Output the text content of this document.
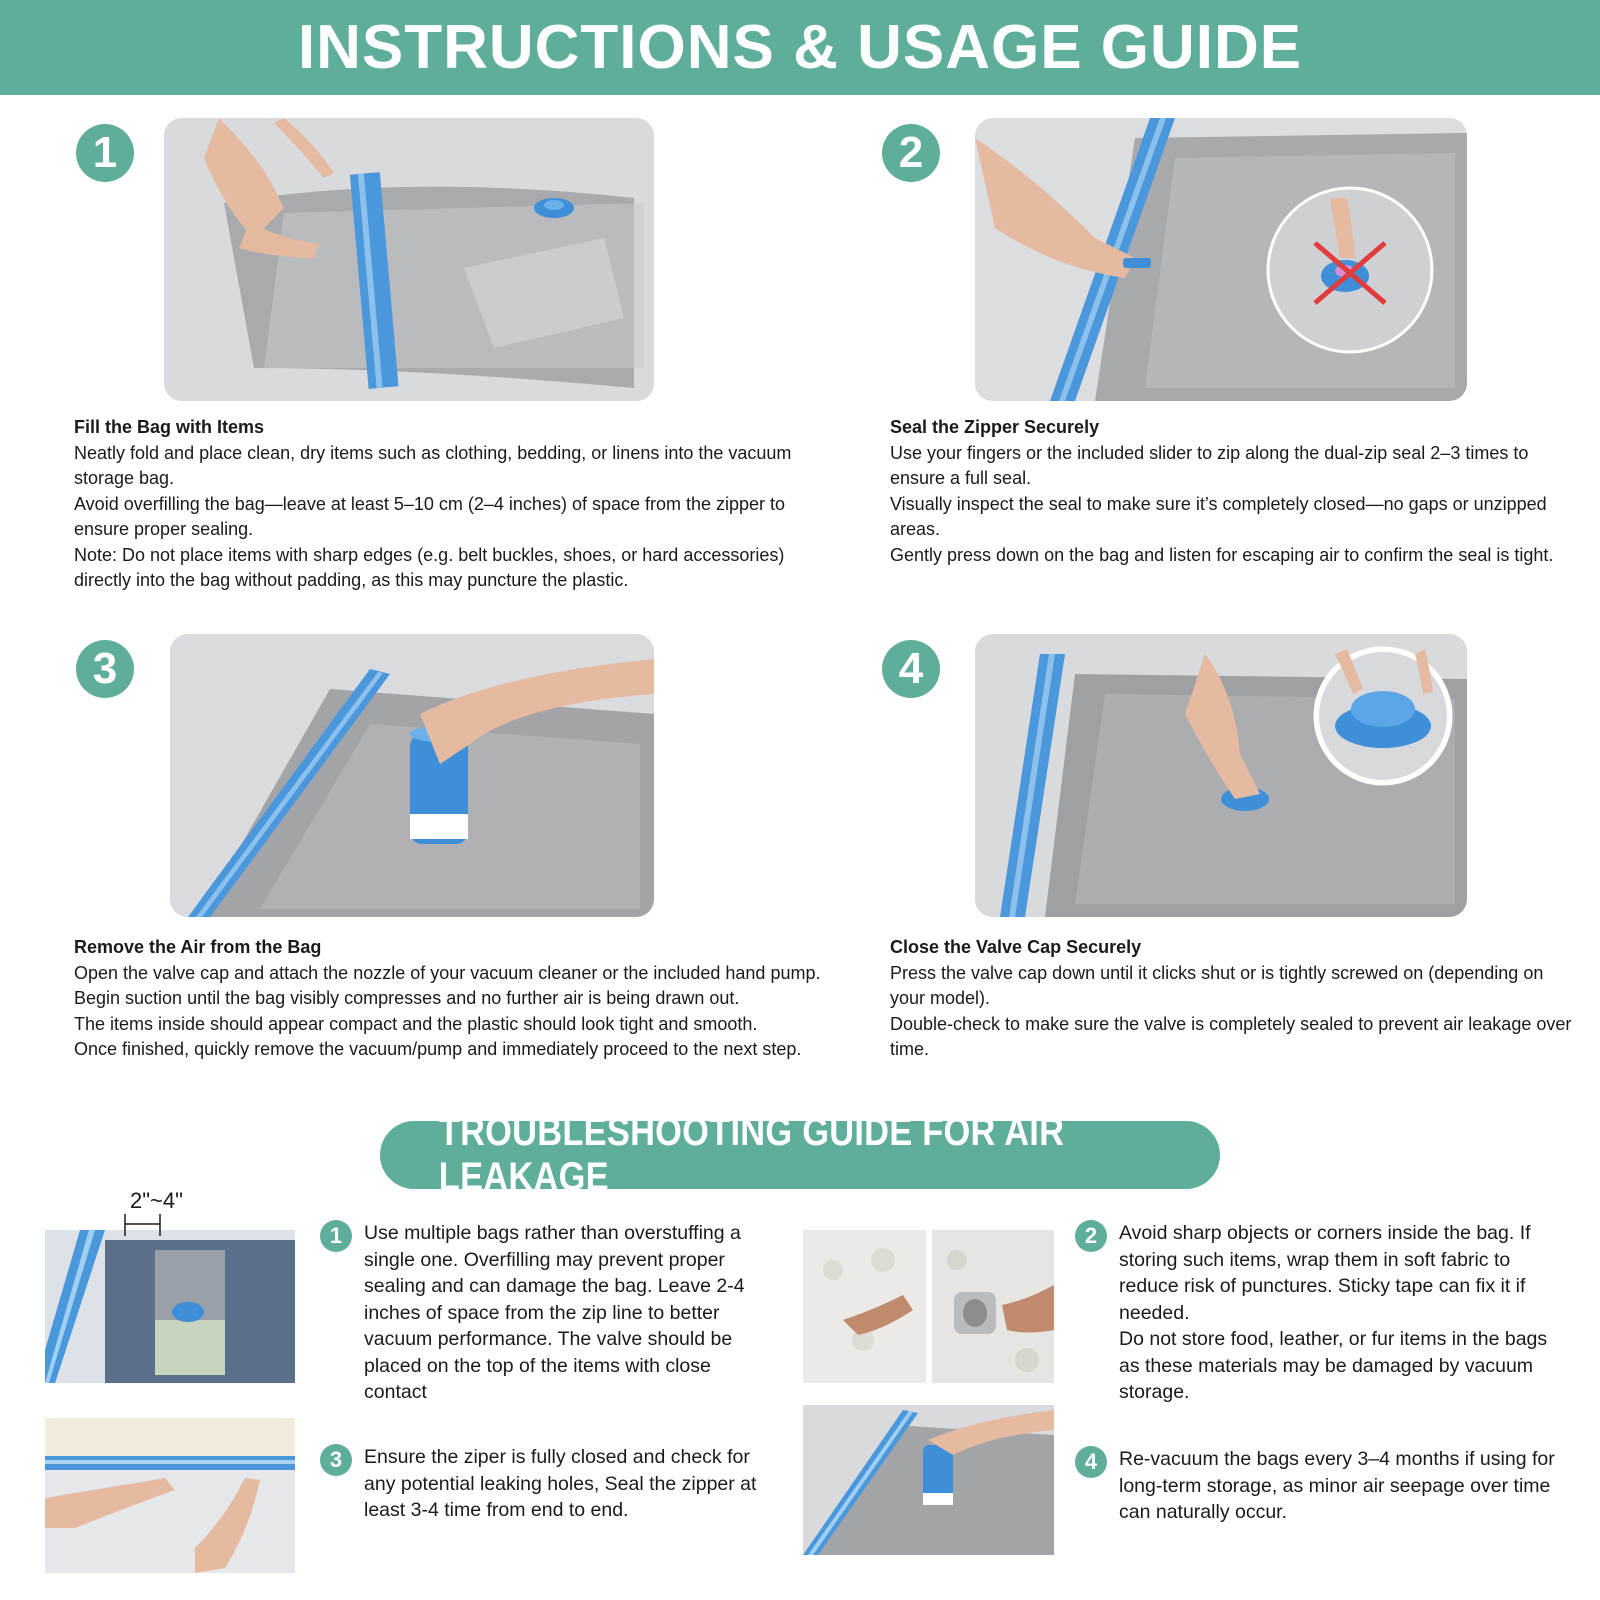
INSTRUCTIONS & USAGE GUIDE
1

Fill the Bag with Items

Neatly fold and place clean, dry items such as clothing, bedding, or linens into the vacuum storage bag.

Avoid overfilling the bag—leave at least 5–10 cm (2–4 inches) of space from the zipper to ensure proper sealing.

Note: Do not place items with sharp edges (e.g. belt buckles, shoes, or hard accessories) directly into the bag without padding, as this may puncture the plastic.

2

Seal the Zipper Securely

Use your fingers or the included slider to zip along the dual-zip seal 2–3 times to ensure a full seal.

Visually inspect the seal to make sure it’s completely closed—no gaps or unzipped areas.

Gently press down on the bag and listen for escaping air to confirm the seal is tight.

3

Remove the Air from the Bag

Open the valve cap and attach the nozzle of your vacuum cleaner or the included hand pump.

Begin suction until the bag visibly compresses and no further air is being drawn out.

The items inside should appear compact and the plastic should look tight and smooth.

Once finished, quickly remove the vacuum/pump and immediately proceed to the next step.

4

Close the Valve Cap Securely

Press the valve cap down until it clicks shut or is tightly screwed on (depending on your model).

Double-check to make sure the valve is completely sealed to prevent air leakage over time.

TROUBLESHOOTING GUIDE FOR AIR LEAKAGE
2"~4"
1	Use multiple bags rather than overstuffing a single one. Overfilling may prevent proper sealing and can damage the bag. Leave 2-4 inches of space from the zip line to better vacuum performance. The valve should be placed on the top of the items with close contact

3	Ensure the ziper is fully closed and check for any potential leaking holes, Seal the zipper at least 3-4 time from end to end.

2	Avoid sharp objects or corners inside the bag. If storing such items, wrap them in soft fabric to reduce risk of punctures. Sticky tape can fix it if needed.

Do not store food, leather, or fur items in the bags as these materials may be damaged by vacuum storage.

4	Re-vacuum the bags every 3–4 months if using for long-term storage, as minor air seepage over time can naturally occur.
